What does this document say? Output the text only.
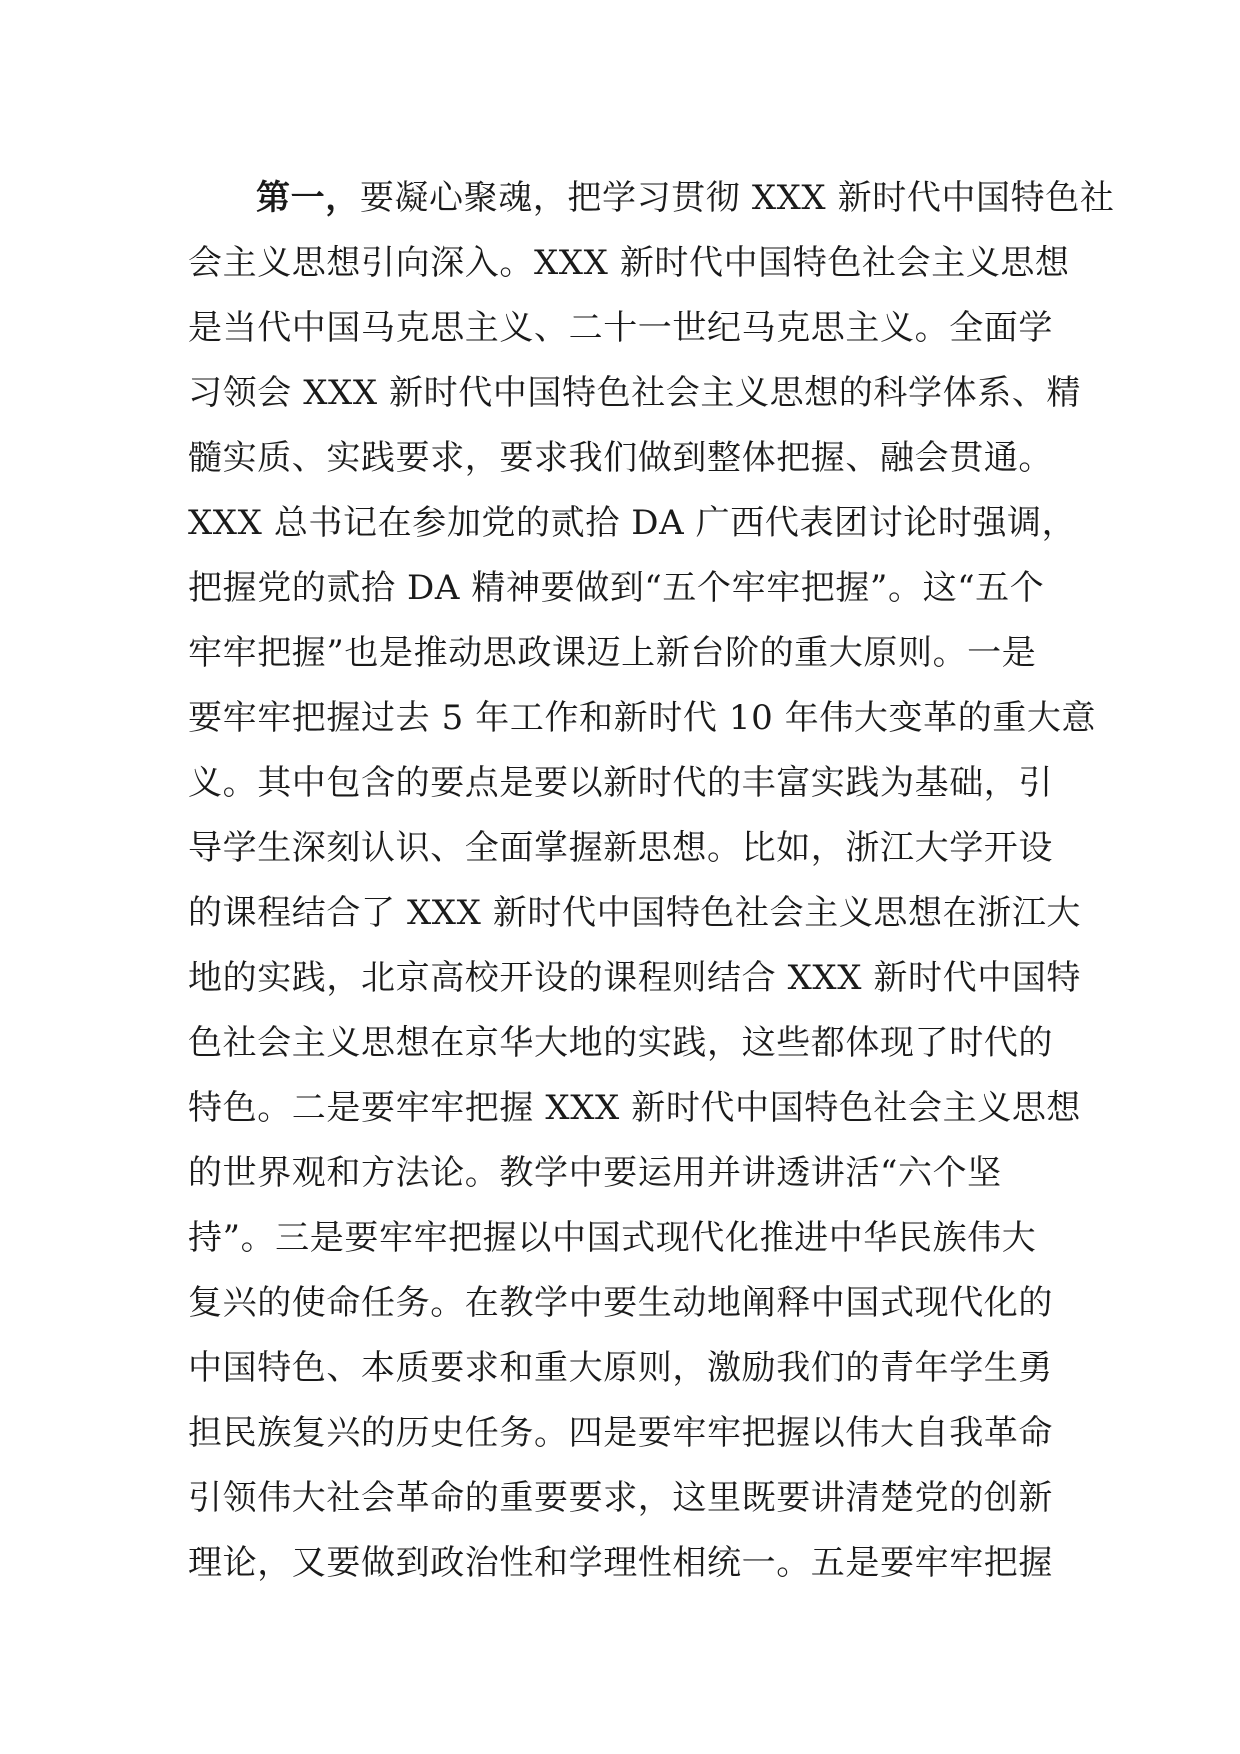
第一，要凝心聚魂，把学习贯彻 XXX 新时代中国特色社
会主义思想引向深入。XXX 新时代中国特色社会主义思想
是当代中国马克思主义、二十一世纪马克思主义。全面学
习领会 XXX 新时代中国特色社会主义思想的科学体系、精
髓实质、实践要求，要求我们做到整体把握、融会贯通。
XXX 总书记在参加党的贰拾 DA 广西代表团讨论时强调，
把握党的贰拾 DA 精神要做到“五个牢牢把握”。这“五个
牢牢把握”也是推动思政课迈上新台阶的重大原则。一是
要牢牢把握过去 5 年工作和新时代 10 年伟大变革的重大意
义。其中包含的要点是要以新时代的丰富实践为基础，引
导学生深刻认识、全面掌握新思想。比如，浙江大学开设
的课程结合了 XXX 新时代中国特色社会主义思想在浙江大
地的实践，北京高校开设的课程则结合 XXX 新时代中国特
色社会主义思想在京华大地的实践，这些都体现了时代的
特色。二是要牢牢把握 XXX 新时代中国特色社会主义思想
的世界观和方法论。教学中要运用并讲透讲活“六个坚
持”。三是要牢牢把握以中国式现代化推进中华民族伟大
复兴的使命任务。在教学中要生动地阐释中国式现代化的
中国特色、本质要求和重大原则，激励我们的青年学生勇
担民族复兴的历史任务。四是要牢牢把握以伟大自我革命
引领伟大社会革命的重要要求，这里既要讲清楚党的创新
理论，又要做到政治性和学理性相统一。五是要牢牢把握
